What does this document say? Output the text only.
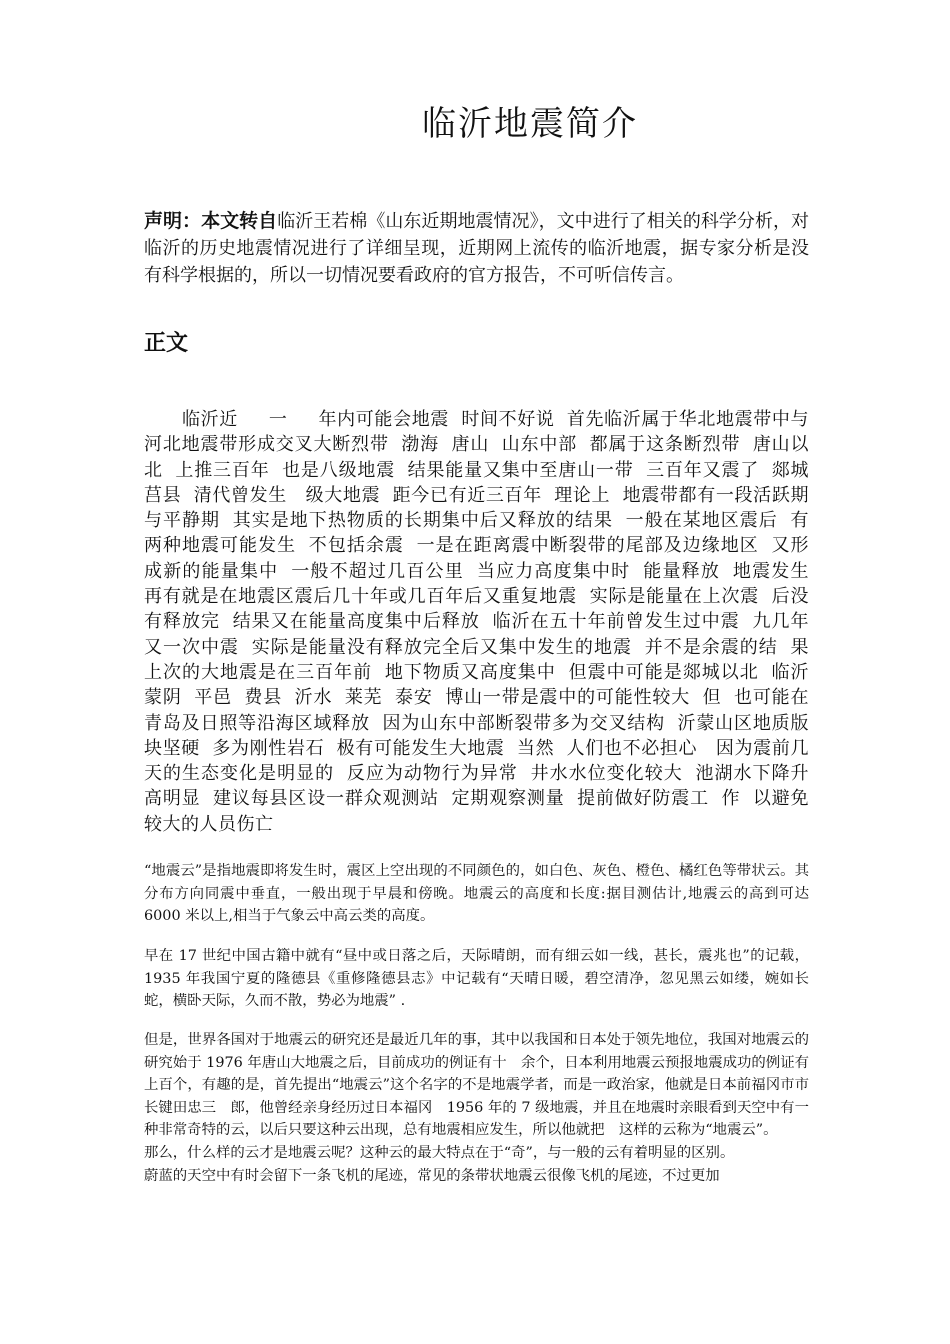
临沂地震简介
声明：本文转自临沂王若棉《山东近期地震情况》，文中进行了相关的科学分析，对临沂的历史地震情况进行了详细呈现，近期网上流传的临沂地震，据专家分析是没有科学根据的，所以一切情况要看政府的官方报告，不可听信传言。
正文
临沂近　 一　 年内可能会地震 时间不好说 首先临沂属于华北地震带中与河北地震带形成交叉大断烈带 渤海 唐山 山东中部 都属于这条断烈带 唐山以 北 上推三百年 也是八级地震 结果能量又集中至唐山一带 三百年又震了 郯城 莒县 清代曾发生　级大地震 距今已有近三百年 理论上 地震带都有一段活跃期与平静期 其实是地下热物质的长期集中后又释放的结果 一般在某地区震后 有两种地震可能发生 不包括余震 一是在距离震中断裂带的尾部及边缘地区 又形成新的能量集中 一般不超过几百公里 当应力高度集中时 能量释放 地震发生 再有就是在地震区震后几十年或几百年后又重复地震 实际是能量在上次震 后没有释放完 结果又在能量高度集中后释放 临沂在五十年前曾发生过中震 九几年又一次中震 实际是能量没有释放完全后又集中发生的地震 并不是余震的结 果 上次的大地震是在三百年前 地下物质又高度集中 但震中可能是郯城以北 临沂 蒙阴 平邑 费县 沂水 莱芜 泰安 博山一带是震中的可能性较大 但 也可能在青岛及日照等沿海区域释放 因为山东中部断裂带多为交叉结构 沂蒙山区地质版块坚硬 多为刚性岩石 极有可能发生大地震 当然 人们也不必担心　因为震前几天的生态变化是明显的 反应为动物行为异常 井水水位变化较大 池湖水下降升高明显 建议每县区设一群众观测站 定期观察测量 提前做好防震工 作 以避免较大的人员伤亡
“地震云”是指地震即将发生时，震区上空出现的不同颜色的，如白色、灰色、橙色、橘红色等带状云。其分布方向同震中垂直，一般出现于早晨和傍晚。地震云的高度和长度:据目测估计,地震云的高到可达 6000 米以上,相当于气象云中高云类的高度。
早在 17 世纪中国古籍中就有“昼中或日落之后，天际晴朗，而有细云如一线，甚长，震兆也”的记载，1935 年我国宁夏的隆德县《重修隆德县志》中记载有“天晴日暖，碧空清净，忽见黑云如缕，婉如长蛇，横卧天际，久而不散，势必为地震” .

但是，世界各国对于地震云的研究还是最近几年的事，其中以我国和日本处于领先地位，我国对地震云的研究始于 1976 年唐山大地震之后，目前成功的例证有十　余个，日本利用地震云预报地震成功的例证有上百个，有趣的是，首先提出“地震云”这个名字的不是地震学者，而是一政治家，他就是日本前福冈市市长键田忠三　郎，他曾经亲身经历过日本福冈　1956 年的 7 级地震，并且在地震时亲眼看到天空中有一种非常奇特的云，以后只要这种云出现，总有地震相应发生，所以他就把　这样的云称为“地震云”。

那么，什么样的云才是地震云呢？这种云的最大特点在于“奇”，与一般的云有着明显的区别。

蔚蓝的天空中有时会留下一条飞机的尾迹，常见的条带状地震云很像飞机的尾迹，不过更加
